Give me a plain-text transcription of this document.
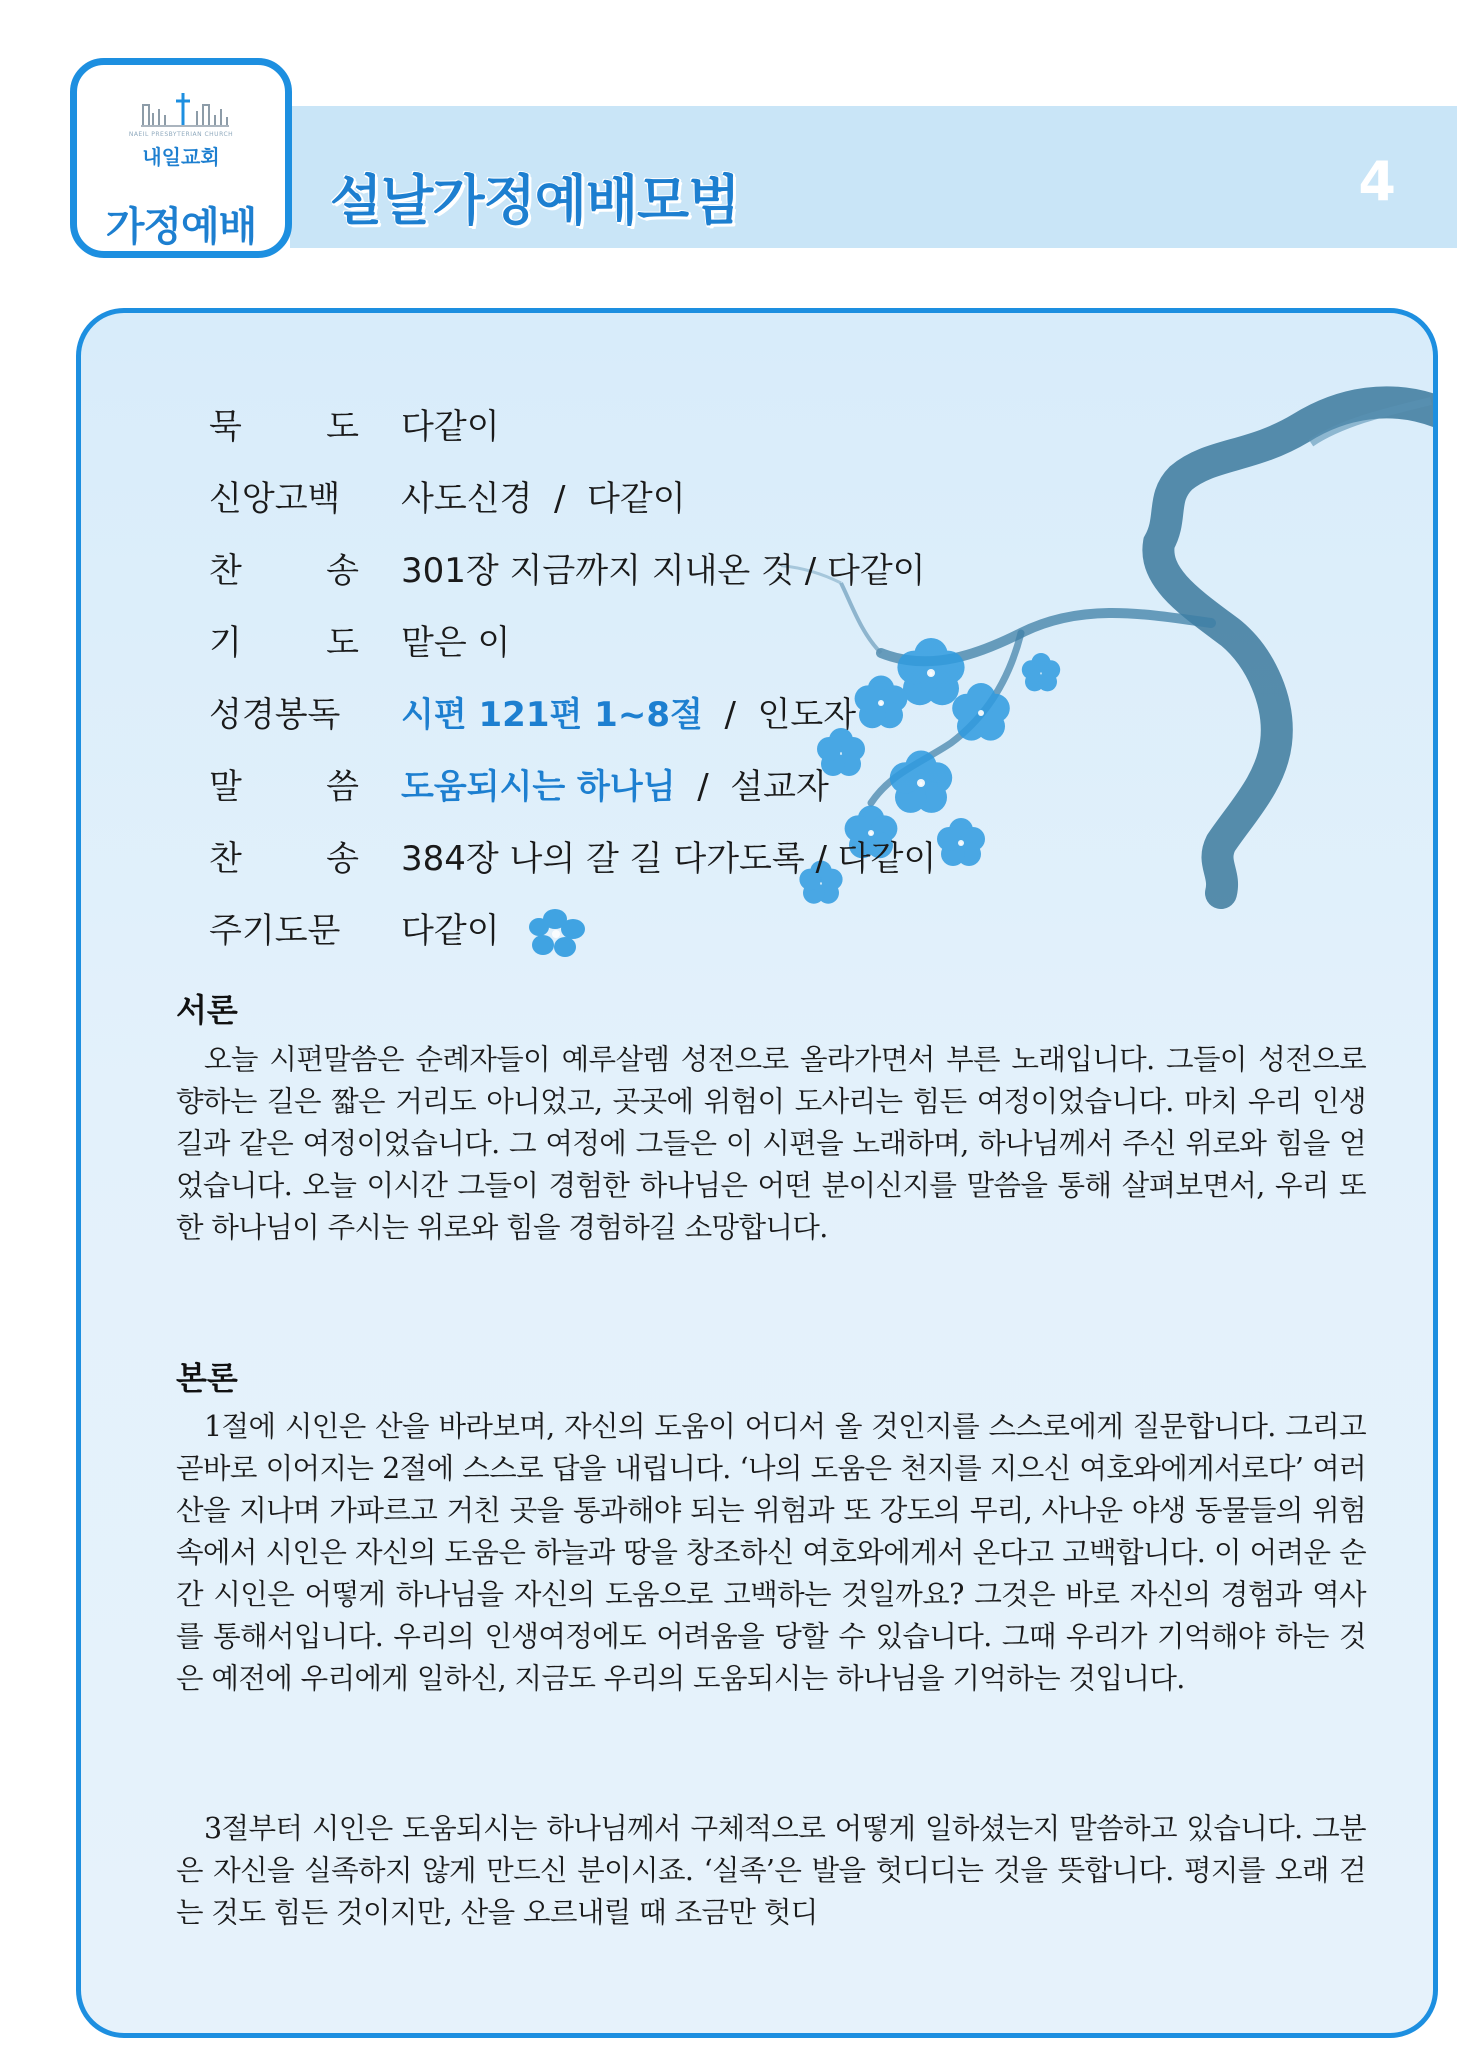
4
설날가정예배모범
NAEIL PRESBYTERIAN CHURCH
내일교회
가정예배
묵 도 다같이
신앙고백 사도신경  /  다같이
찬 송 301장 지금까지 지내온 것 / 다같이
기 도 맡은 이
성경봉독 시편 121편 1~8절  /  인도자
말 씀 도움되시는 하나님  /  설교자
찬 송 384장 나의 갈 길 다가도록 / 다같이
주기도문 다같이
서론

오늘 시편말씀은 순례자들이 예루살렘 성전으로 올라가면서 부른 노래입니다. 그들이 성전으로 향하는 길은 짧은 거리도 아니었고, 곳곳에 위험이 도사리는 힘든 여정이었습니다. 마치 우리 인생길과 같은 여정이었습니다. 그 여정에 그들은 이 시편을 노래하며, 하나님께서 주신 위로와 힘을 얻었습니다. 오늘 이시간 그들이 경험한 하나님은 어떤 분이신지를 말씀을 통해 살펴보면서, 우리 또한 하나님이 주시는 위로와 힘을 경험하길 소망합니다.

본론

1절에 시인은 산을 바라보며, 자신의 도움이 어디서 올 것인지를 스스로에게 질문합니다. 그리고 곧바로 이어지는 2절에 스스로 답을 내립니다. ‘나의 도움은 천지를 지으신 여호와에게서로다’ 여러 산을 지나며 가파르고 거친 곳을 통과해야 되는 위험과 또 강도의 무리, 사나운 야생 동물들의 위험 속에서 시인은 자신의 도움은 하늘과 땅을 창조하신 여호와에게서 온다고 고백합니다. 이 어려운 순간 시인은 어떻게 하나님을 자신의 도움으로 고백하는 것일까요? 그것은 바로 자신의 경험과 역사를 통해서입니다. 우리의 인생여정에도 어려움을 당할 수 있습니다. 그때 우리가 기억해야 하는 것은 예전에 우리에게 일하신, 지금도 우리의 도움되시는 하나님을 기억하는 것입니다.

3절부터 시인은 도움되시는 하나님께서 구체적으로 어떻게 일하셨는지 말씀하고 있습니다. 그분은 자신을 실족하지 않게 만드신 분이시죠. ‘실족’은 발을 헛디디는 것을 뜻합니다. 평지를 오래 걷는 것도 힘든 것이지만, 산을 오르내릴 때 조금만 헛디
